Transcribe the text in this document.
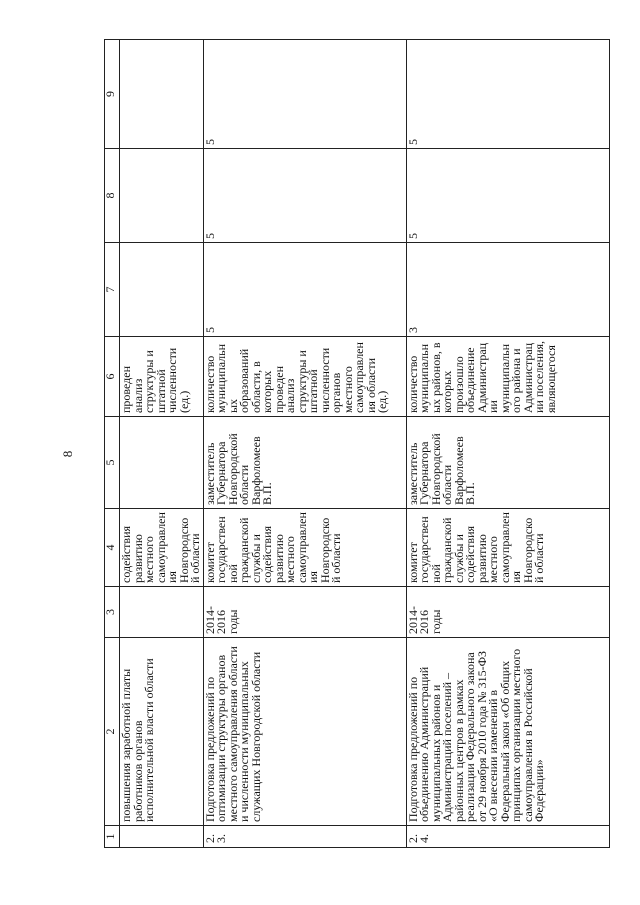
8
1	2	3	4	5	6	7	8	9
	повышения заработной платы работников органов исполнительной власти области		содействия развитию местного самоуправления Новгородской области		проведен анализ структуры и штатной численности (ед.)			
2.3.	Подготовка предложений по оптимизации структуры органов местного самоуправления области и численности муниципальных служащих Новгородской области	2014-2016 годы	комитет государственной гражданской службы и содействия развитию местного самоуправления Новгородской области	заместитель Губернатора Новгородской области Варфоломеев В.П.	количество муниципальных образований области, в которых проведен анализ структуры и штатной численности органов местного самоуправления области (ед.)	5	5	5
2.4.	Подготовка предложений по объединению Администраций муниципальных районов и Администраций поселений – районных центров в рамках реализации Федерального закона от 29 ноября 2010 года № 315-ФЗ «О внесении изменений в Федеральный закон «Об общих принципах организации местного самоуправления в Российской Федерации»	2014-2016 годы	комитет государственной гражданской службы и содействия развитию местного самоуправления Новгородской области	заместитель Губернатора Новгородской области Варфоломеев В.П.	количество муниципальных районов, в которых произошло объединение Администрации муниципального района и Администрации поселения, являющегося	3	5	5
